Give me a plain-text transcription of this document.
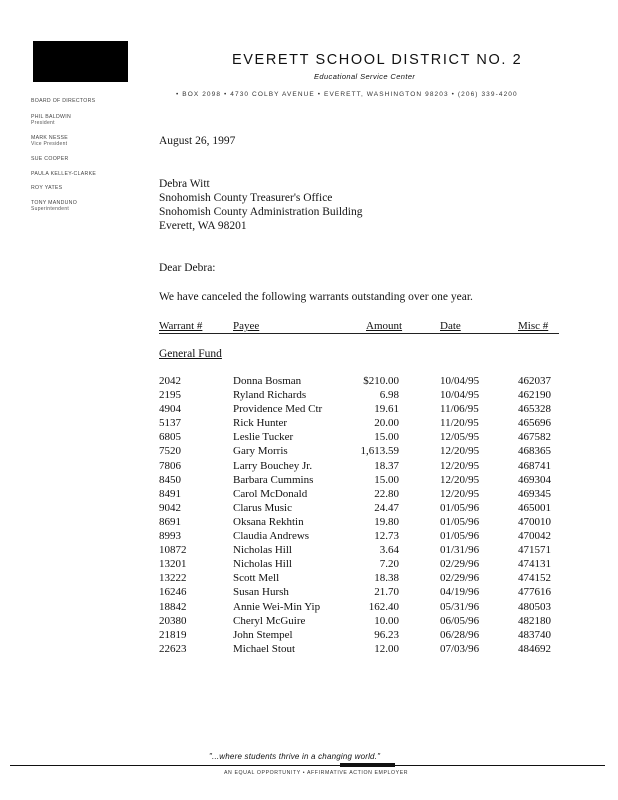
EVERETT SCHOOL DISTRICT NO. 2
Educational Service Center
• BOX 2098 • 4730 COLBY AVENUE • EVERETT, WASHINGTON 98203 • (206) 339-4200
BOARD OF DIRECTORS
PHIL BALDWIN
President
MARK NESSE
Vice President
SUE COOPER
PAULA KELLEY-CLARKE
ROY YATES
TONY MANDUNO
Superintendent
August 26, 1997
Debra Witt
Snohomish County Treasurer's Office
Snohomish County Administration Building
Everett, WA 98201
Dear Debra:
We have canceled the following warrants outstanding over one year.
Warrant #	Payee	Amount	Date	Misc #
General Fund
2042	Donna Bosman	$210.00	10/04/95	462037
2195	Ryland Richards	6.98	10/04/95	462190
4904	Providence Med Ctr	19.61	11/06/95	465328
5137	Rick Hunter	20.00	11/20/95	465696
6805	Leslie Tucker	15.00	12/05/95	467582
7520	Gary Morris	1,613.59	12/20/95	468365
7806	Larry Bouchey Jr.	18.37	12/20/95	468741
8450	Barbara Cummins	15.00	12/20/95	469304
8491	Carol McDonald	22.80	12/20/95	469345
9042	Clarus Music	24.47	01/05/96	465001
8691	Oksana Rekhtin	19.80	01/05/96	470010
8993	Claudia Andrews	12.73	01/05/96	470042
10872	Nicholas Hill	3.64	01/31/96	471571
13201	Nicholas Hill	7.20	02/29/96	474131
13222	Scott Mell	18.38	02/29/96	474152
16246	Susan Hursh	21.70	04/19/96	477616
18842	Annie Wei-Min Yip	162.40	05/31/96	480503
20380	Cheryl McGuire	10.00	06/05/96	482180
21819	John Stempel	96.23	06/28/96	483740
22623	Michael Stout	12.00	07/03/96	484692
"...where students thrive in a changing world."
AN EQUAL OPPORTUNITY • AFFIRMATIVE ACTION EMPLOYER
